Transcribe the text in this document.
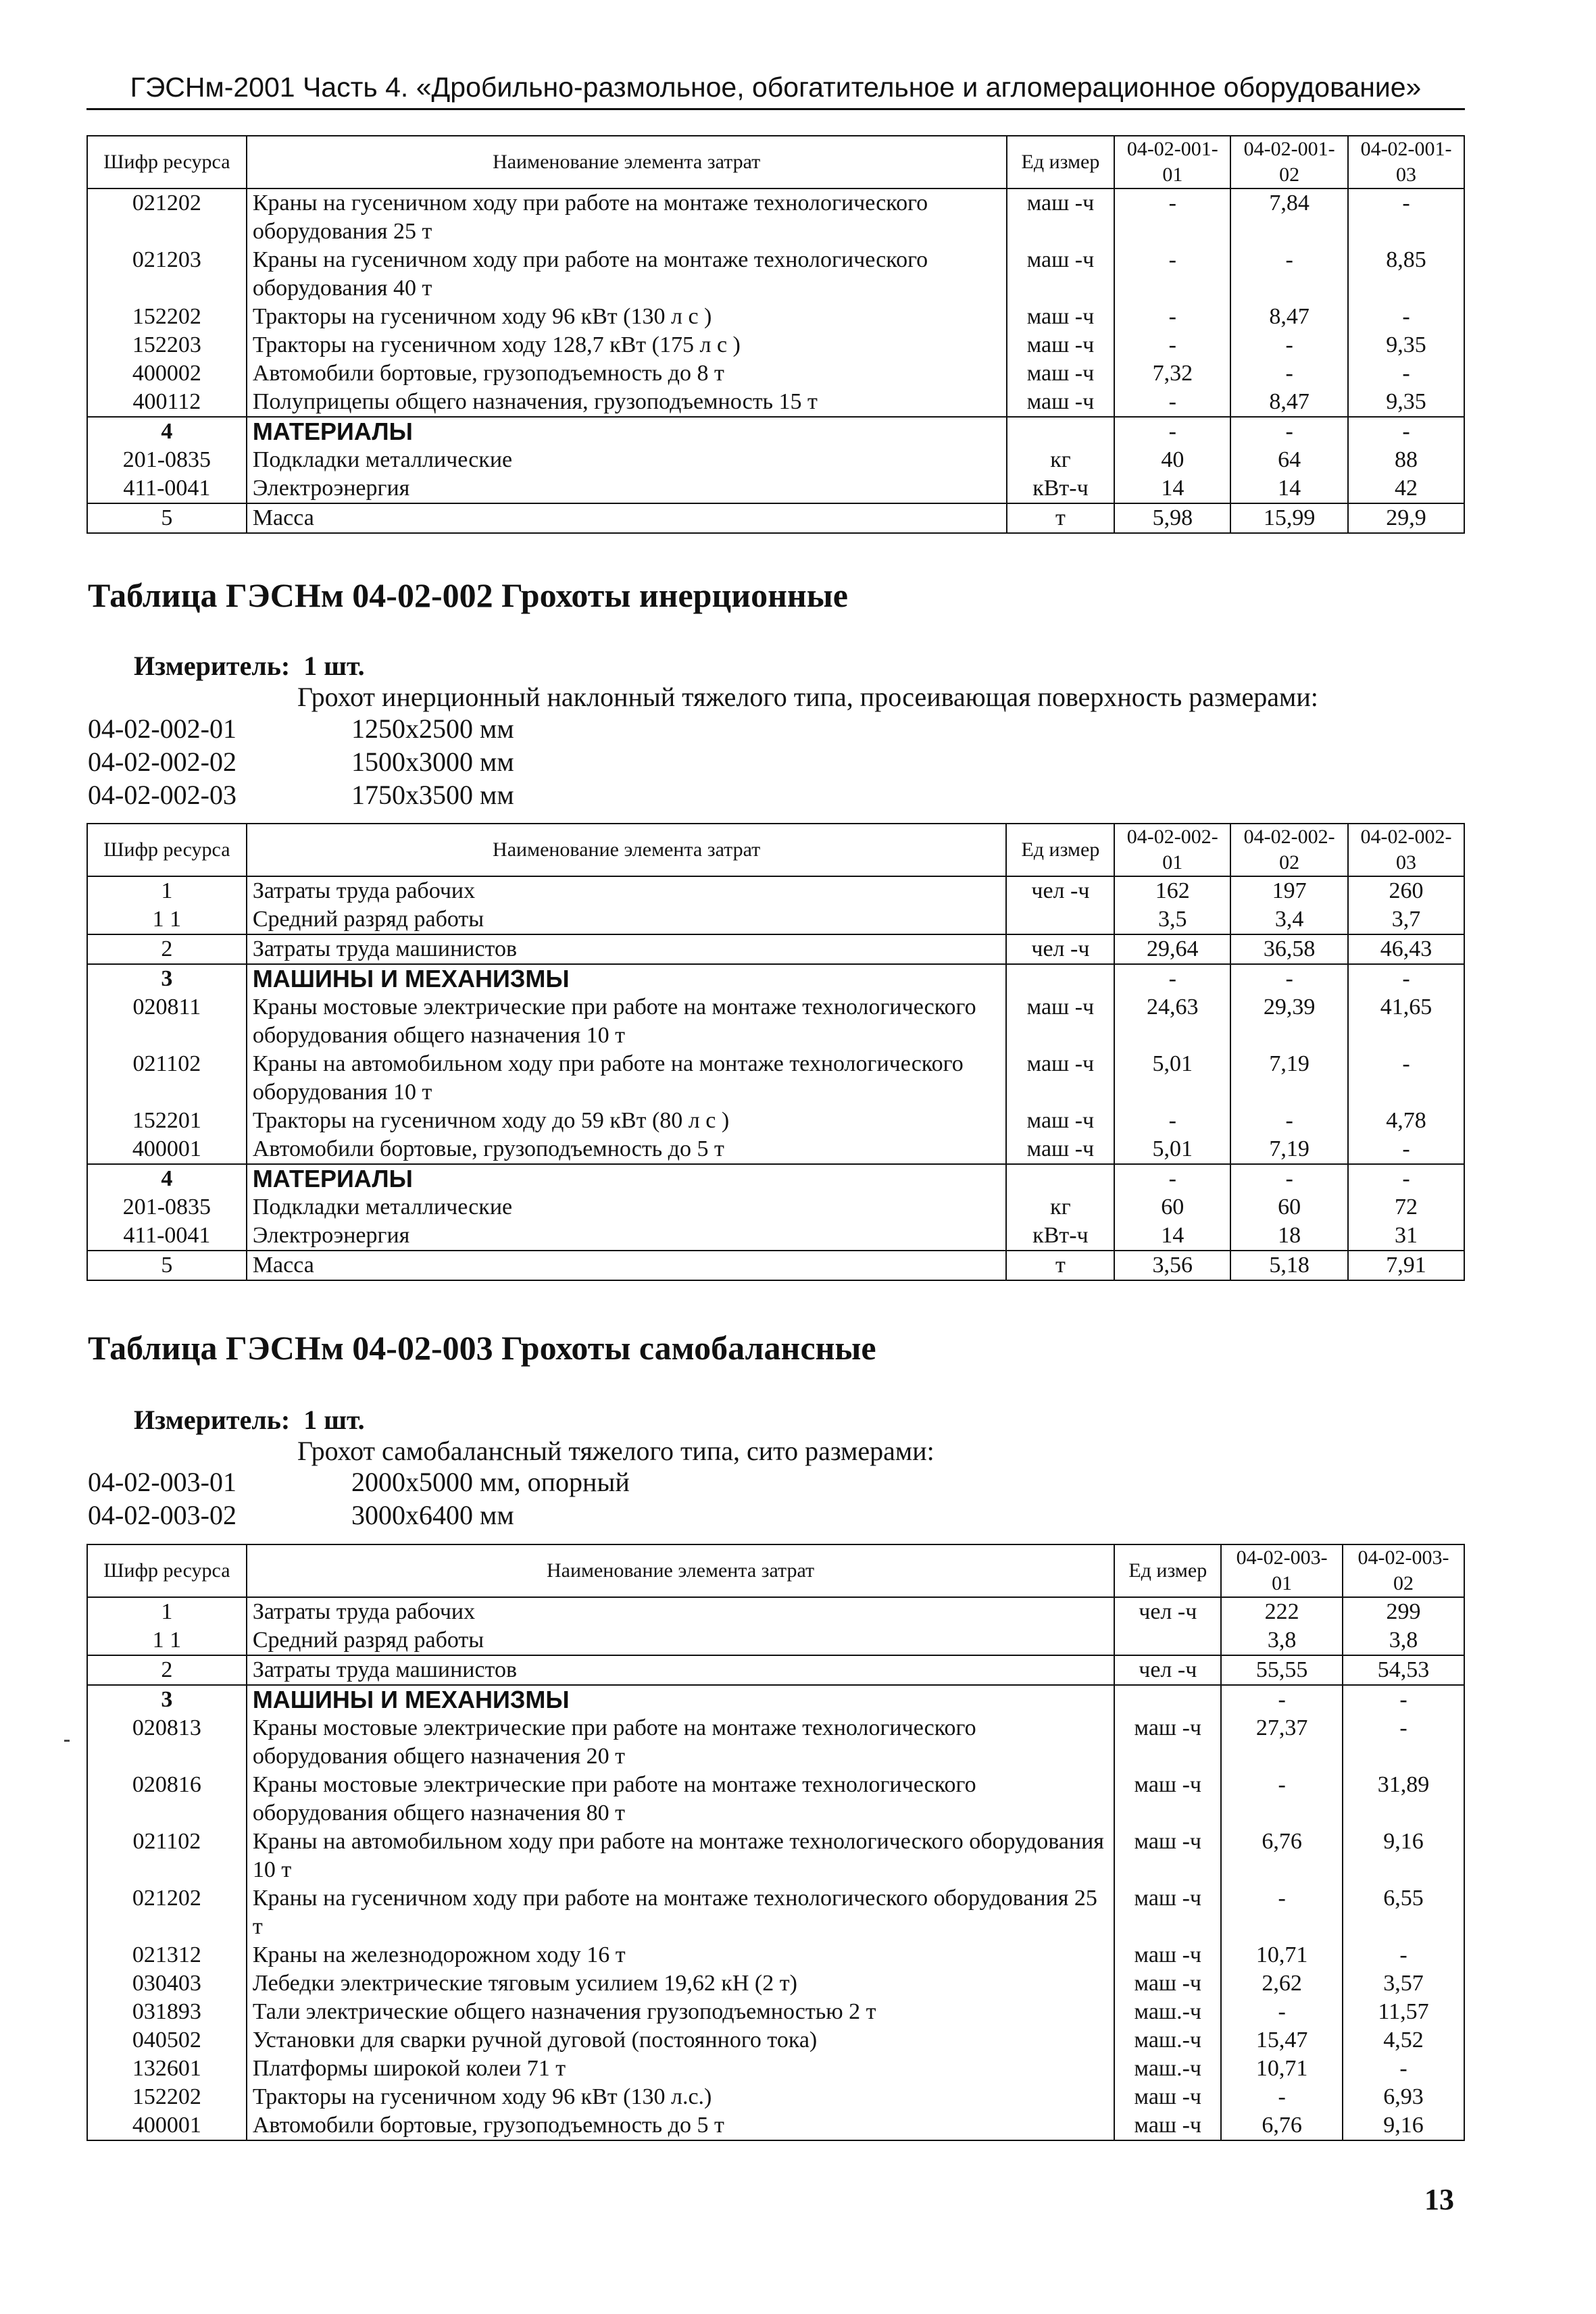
ГЭСНм-2001 Часть 4. «Дробильно-размольное, обогатительное и агломерационное оборудование»
Шифр ресурса	Наименование элемента затрат	Ед измер	04-02-001-01	04-02-001-02	04-02-001-03
021202	Краны на гусеничном ходу при работе на монтаже технологического оборудования 25 т	маш -ч	-	7,84	-
021203	Краны на гусеничном ходу при работе на монтаже технологического оборудования 40 т	маш -ч	-	-	8,85
152202	Тракторы на гусеничном ходу 96 кВт (130 л с )	маш -ч	-	8,47	-
152203	Тракторы на гусеничном ходу 128,7 кВт (175 л с )	маш -ч	-	-	9,35
400002	Автомобили бортовые, грузоподъемность до 8 т	маш -ч	7,32	-	-
400112	Полуприцепы общего назначения, грузоподъемность 15 т	маш -ч	-	8,47	9,35
4	МАТЕРИАЛЫ		-	-	-
201-0835	Подкладки металлические	кг	40	64	88
411-0041	Электроэнергия	кВт-ч	14	14	42
5	Масса	т	5,98	15,99	29,9
Таблица ГЭСНм 04-02-002 Грохоты инерционные
Измеритель: 1 шт.
Грохот инерционный наклонный тяжелого типа, просеивающая поверхность размерами:
04-02-002-01	1250х2500 мм
04-02-002-02	1500х3000 мм
04-02-002-03	1750х3500 мм
Шифр ресурса	Наименование элемента затрат	Ед измер	04-02-002-01	04-02-002-02	04-02-002-03
1	Затраты труда рабочих	чел -ч	162	197	260
1 1	Средний разряд работы		3,5	3,4	3,7
2	Затраты труда машинистов	чел -ч	29,64	36,58	46,43
3	МАШИНЫ И МЕХАНИЗМЫ		-	-	-
020811	Краны мостовые электрические при работе на монтаже технологического оборудования общего назначения 10 т	маш -ч	24,63	29,39	41,65
021102	Краны на автомобильном ходу при работе на монтаже технологического оборудования 10 т	маш -ч	5,01	7,19	-
152201	Тракторы на гусеничном ходу до 59 кВт (80 л с )	маш -ч	-	-	4,78
400001	Автомобили бортовые, грузоподъемность до 5 т	маш -ч	5,01	7,19	-
4	МАТЕРИАЛЫ		-	-	-
201-0835	Подкладки металлические	кг	60	60	72
411-0041	Электроэнергия	кВт-ч	14	18	31
5	Масса	т	3,56	5,18	7,91
Таблица ГЭСНм 04-02-003 Грохоты самобалансные
Измеритель: 1 шт.
Грохот самобалансный тяжелого типа, сито размерами:
04-02-003-01	2000х5000 мм, опорный
04-02-003-02	3000х6400 мм
Шифр ресурса	Наименование элемента затрат	Ед измер	04-02-003-01	04-02-003-02
1	Затраты труда рабочих	чел -ч	222	299
1 1	Средний разряд работы		3,8	3,8
2	Затраты труда машинистов	чел -ч	55,55	54,53
3	МАШИНЫ И МЕХАНИЗМЫ		-	-
020813	Краны мостовые электрические при работе на монтаже технологического оборудования общего назначения 20 т	маш -ч	27,37	-
020816	Краны мостовые электрические при работе на монтаже технологического оборудования общего назначения 80 т	маш -ч	-	31,89
021102	Краны на автомобильном ходу при работе на монтаже технологического оборудования 10 т	маш -ч	6,76	9,16
021202	Краны на гусеничном ходу при работе на монтаже технологического оборудования 25 т	маш -ч	-	6,55
021312	Краны на железнодорожном ходу 16 т	маш -ч	10,71	-
030403	Лебедки электрические тяговым усилием 19,62 кН (2 т)	маш -ч	2,62	3,57
031893	Тали электрические общего назначения грузоподъемностью 2 т	маш.-ч	-	11,57
040502	Установки для сварки ручной дуговой (постоянного тока)	маш.-ч	15,47	4,52
132601	Платформы широкой колеи 71 т	маш.-ч	10,71	-
152202	Тракторы на гусеничном ходу 96 кВт (130 л.с.)	маш -ч	-	6,93
400001	Автомобили бортовые, грузоподъемность до 5 т	маш -ч	6,76	9,16
13
